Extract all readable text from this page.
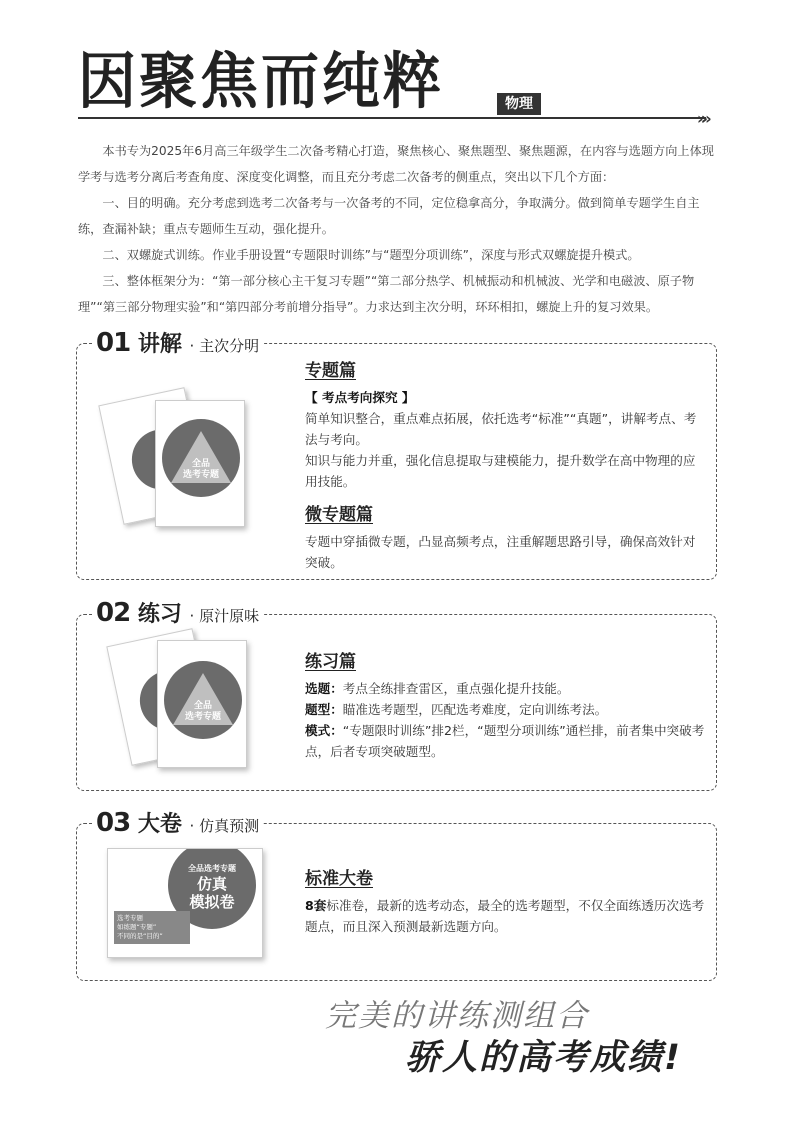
因聚焦而纯粹	物理
»»

本书专为2025年6月高三年级学生二次备考精心打造，聚焦核心、聚焦题型、聚焦题源，在内容与选题方向上体现学考与选考分离后考查角度、深度变化调整，而且充分考虑二次备考的侧重点，突出以下几个方面：

一、目的明确。充分考虑到选考二次备考与一次备考的不同，定位稳拿高分，争取满分。做到简单专题学生自主练，查漏补缺；重点专题师生互动，强化提升。

二、双螺旋式训练。作业手册设置“专题限时训练”与“题型分项训练”，深度与形式双螺旋提升模式。

三、整体框架分为：“第一部分核心主干复习专题”“第二部分热学、机械振动和机械波、光学和电磁波、原子物理”“第三部分物理实验”和“第四部分考前增分指导”。力求达到主次分明，环环相扣，螺旋上升的复习效果。

01 讲解 · 主次分明
全品
选考专题
专题篇

【 考点考向探究 】

简单知识整合，重点难点拓展，依托选考“标准”“真题”，讲解考点、考法与考向。

知识与能力并重，强化信息提取与建模能力，提升数学在高中物理的应用技能。

微专题篇

专题中穿插微专题，凸显高频考点，注重解题思路引导，确保高效针对突破。

02 练习 · 原汁原味
全品
选考专题
练习篇

选题：考点全练排查雷区，重点强化提升技能。

题型：瞄准选考题型，匹配选考难度，定向训练考法。

模式：“专题限时训练”排2栏，“题型分项训练”通栏排，前者集中突破考点，后者专项突破题型。

03 大卷 · 仿真预测
全品选考专题
仿真
模拟卷
选考专题
如练题“专题”
不同的是“目的”
标准大卷

8套标准卷，最新的选考动态，最全的选考题型，不仅全面练透历次选考题点，而且深入预测最新选题方向。

完美的讲练测组合
骄人的高考成绩!
